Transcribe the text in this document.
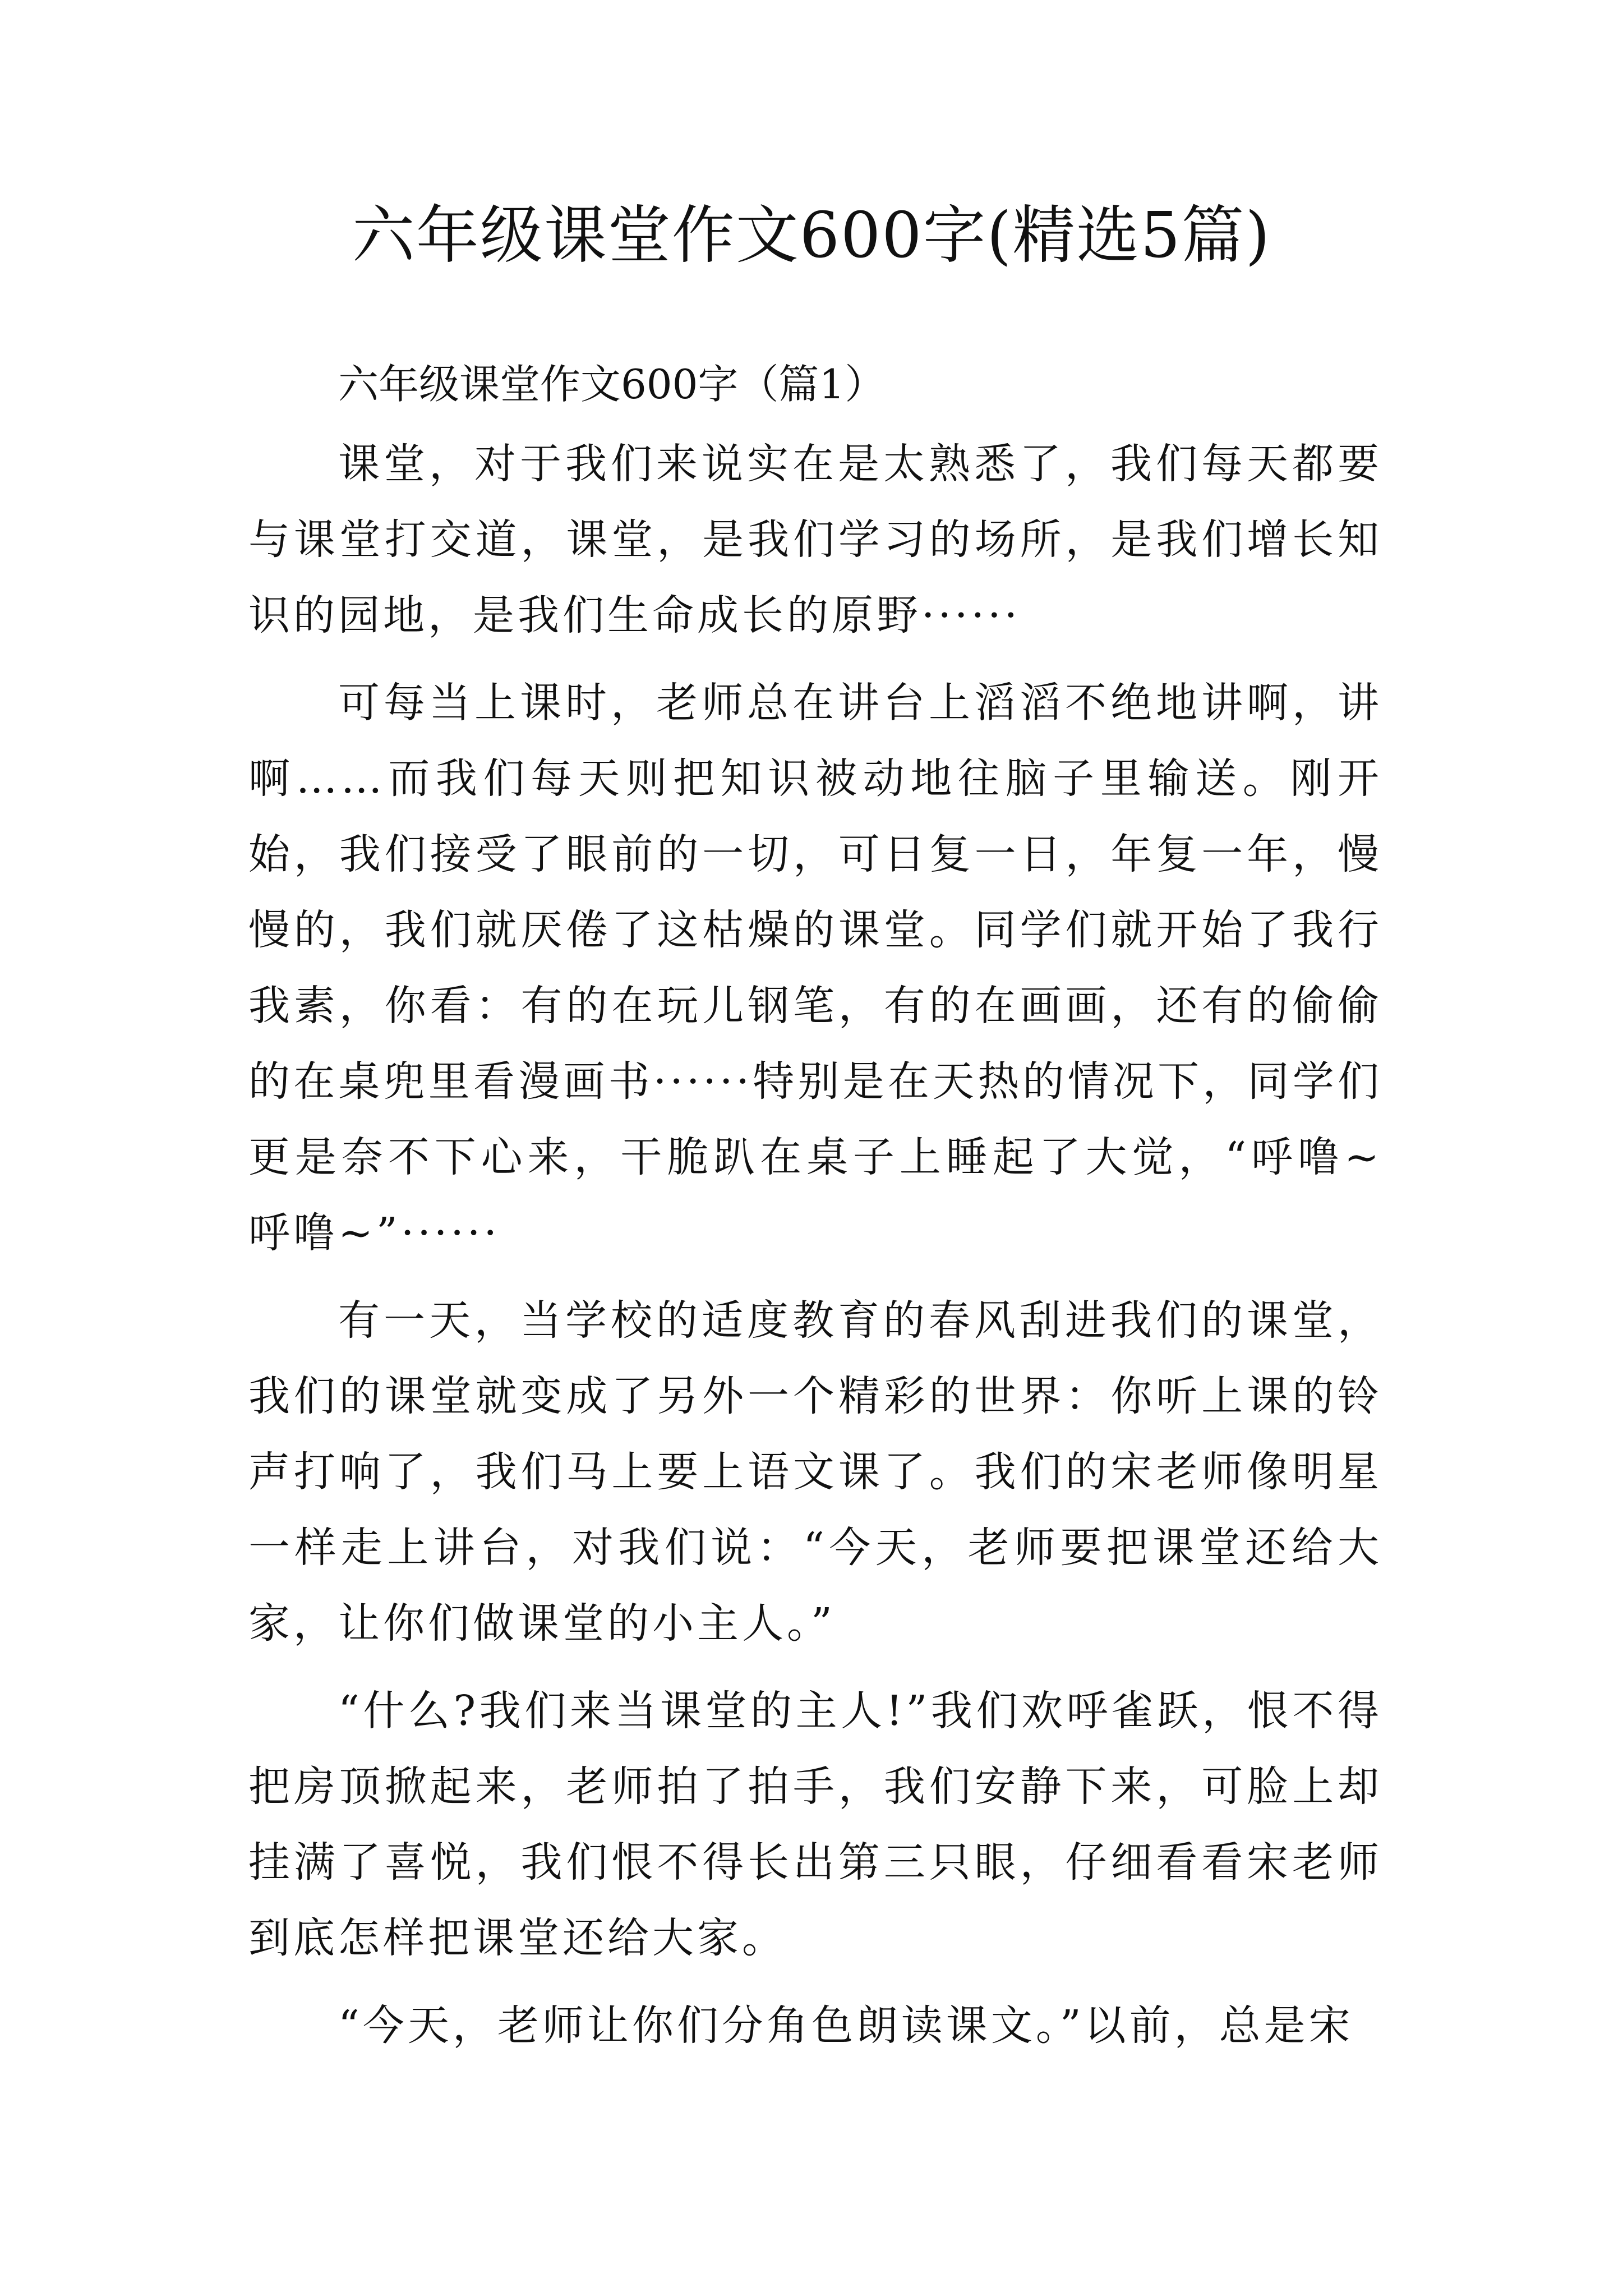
六年级课堂作文600字(精选5篇)

六年级课堂作文600字（篇1）

课堂，对于我们来说实在是太熟悉了，我们每天都要与课堂打交道，课堂，是我们学习的场所，是我们增长知识的园地，是我们生命成长的原野······

可每当上课时，老师总在讲台上滔滔不绝地讲啊，讲啊……而我们每天则把知识被动地往脑子里输送。刚开始，我们接受了眼前的一切，可日复一日，年复一年，慢慢的，我们就厌倦了这枯燥的课堂。同学们就开始了我行我素，你看：有的在玩儿钢笔，有的在画画，还有的偷偷的在桌兜里看漫画书······特别是在天热的情况下，同学们更是奈不下心来，干脆趴在桌子上睡起了大觉，“呼噜~呼噜~”······

有一天，当学校的适度教育的春风刮进我们的课堂，我们的课堂就变成了另外一个精彩的世界：你听上课的铃声打响了，我们马上要上语文课了。我们的宋老师像明星一样走上讲台，对我们说：“今天，老师要把课堂还给大家，让你们做课堂的小主人。”

“什么?我们来当课堂的主人!”我们欢呼雀跃，恨不得把房顶掀起来，老师拍了拍手，我们安静下来，可脸上却挂满了喜悦，我们恨不得长出第三只眼，仔细看看宋老师到底怎样把课堂还给大家。

“今天，老师让你们分角色朗读课文。”以前，总是宋
